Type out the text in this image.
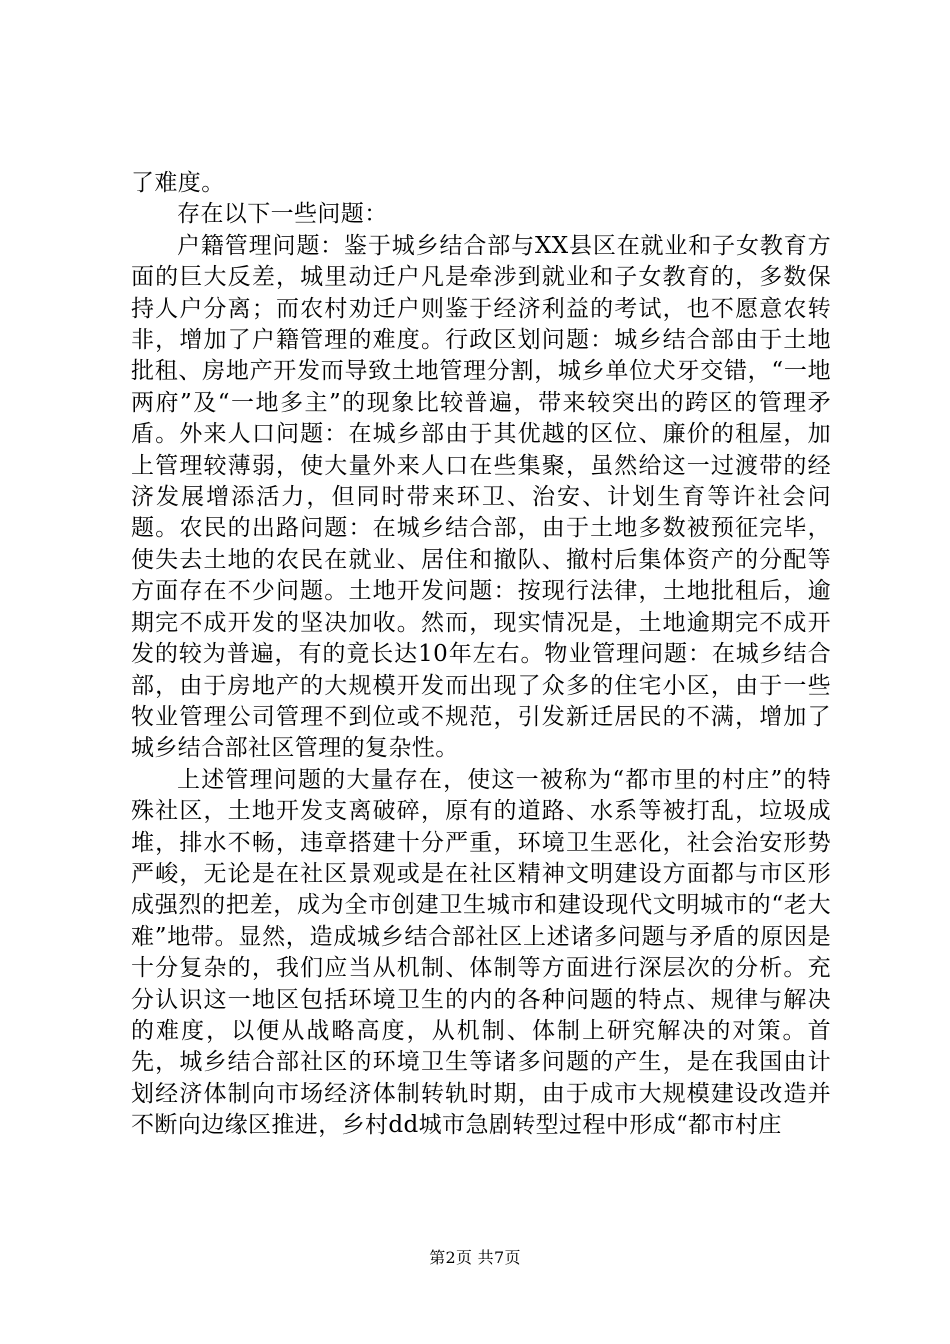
了难度。

存在以下一些问题：

户籍管理问题：鉴于城乡结合部与XX县区在就业和子女教育方面的巨大反差，城里动迁户凡是牵涉到就业和子女教育的，多数保持人户分离；而农村劝迁户则鉴于经济利益的考试，也不愿意农转非，增加了户籍管理的难度。行政区划问题：城乡结合部由于土地批租、房地产开发而导致土地管理分割，城乡单位犬牙交错，“一地两府”及“一地多主”的现象比较普遍，带来较突出的跨区的管理矛盾。外来人口问题：在城乡部由于其优越的区位、廉价的租屋，加上管理较薄弱，使大量外来人口在些集聚，虽然给这一过渡带的经济发展增添活力，但同时带来环卫、治安、计划生育等许社会问题。农民的出路问题：在城乡结合部，由于土地多数被预征完毕，使失去土地的农民在就业、居住和撤队、撤村后集体资产的分配等方面存在不少问题。土地开发问题：按现行法律，土地批租后，逾期完不成开发的坚决加收。然而，现实情况是，土地逾期完不成开发的较为普遍，有的竟长达10年左右。物业管理问题：在城乡结合部，由于房地产的大规模开发而出现了众多的住宅小区，由于一些牧业管理公司管理不到位或不规范，引发新迁居民的不满，增加了城乡结合部社区管理的复杂性。

上述管理问题的大量存在，使这一被称为“都市里的村庄”的特殊社区，土地开发支离破碎，原有的道路、水系等被打乱，垃圾成堆，排水不畅，违章搭建十分严重，环境卫生恶化，社会治安形势严峻，无论是在社区景观或是在社区精神文明建设方面都与市区形成强烈的把差，成为全市创建卫生城市和建设现代文明城市的“老大难”地带。显然，造成城乡结合部社区上述诸多问题与矛盾的原因是十分复杂的，我们应当从机制、体制等方面进行深层次的分析。充分认识这一地区包括环境卫生的内的各种问题的特点、规律与解决的难度，以便从战略高度，从机制、体制上研究解决的对策。首先，城乡结合部社区的环境卫生等诸多问题的产生，是在我国由计划经济体制向市场经济体制转轨时期，由于成市大规模建设改造并不断向边缘区推进，乡村dd城市急剧转型过程中形成“都市村庄

第2页 共7页
